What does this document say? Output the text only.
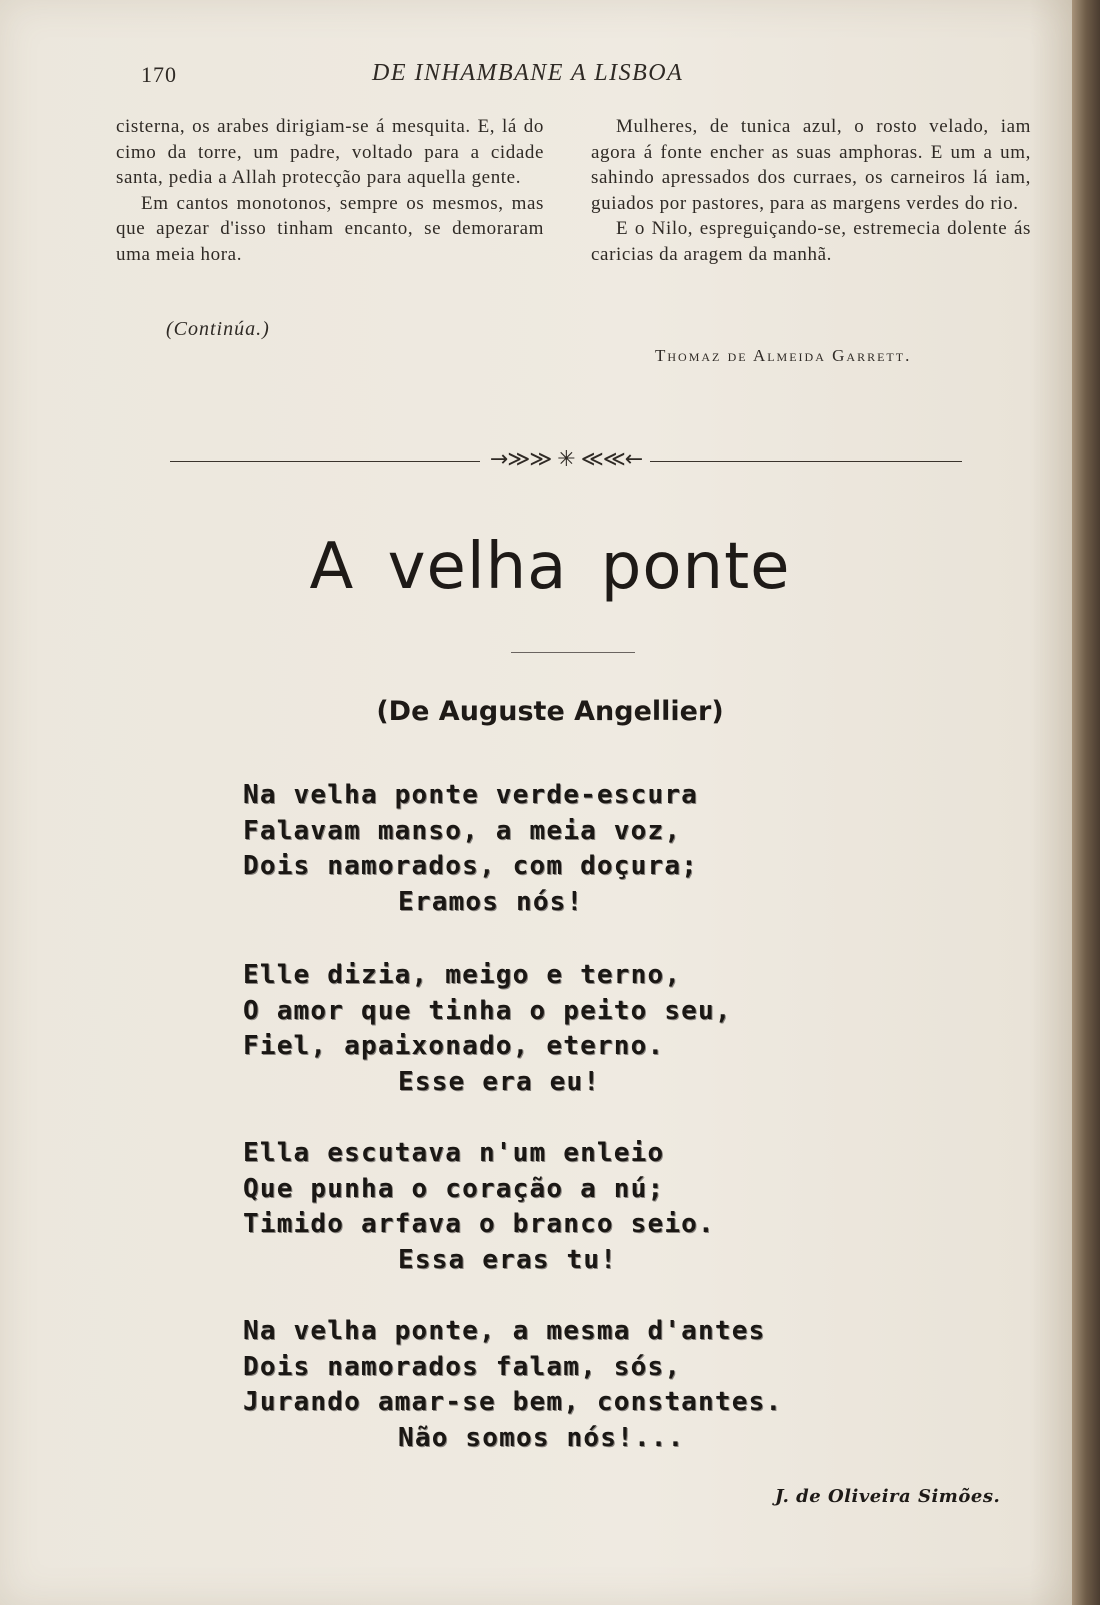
170	DE INHAMBANE A LISBOA

cisterna, os arabes dirigiam-se á mesquita. E, lá do cimo da torre, um padre, voltado para a cidade santa, pedia a Allah protecção para aquella gente.

Em cantos monotonos, sempre os mesmos, mas que apezar d'isso tinham encanto, se demoraram uma meia hora.

Mulheres, de tunica azul, o rosto velado, iam agora á fonte encher as suas amphoras. E um a um, sahindo apressados dos curraes, os carneiros lá iam, guiados por pastores, para as margens verdes do rio.

E o Nilo, espreguiçando-se, estremecia dolente ás caricias da aragem da manhã.

(Continúa.)
Thomaz de Almeida Garrett.
→≫≫ ✳ ≪≪←
A velha ponte
(De Auguste Angellier)
Na velha ponte verde-escura
Falavam manso, a meia voz,
Dois namorados, com doçura;
Eramos nós!
Elle dizia, meigo e terno,
O amor que tinha o peito seu,
Fiel, apaixonado, eterno.
Esse era eu!
Ella escutava n'um enleio
Que punha o coração a nú;
Timido arfava o branco seio.
Essa eras tu!
Na velha ponte, a mesma d'antes
Dois namorados falam, sós,
Jurando amar-se bem, constantes.
Não somos nós!...
J. de Oliveira Simões.
